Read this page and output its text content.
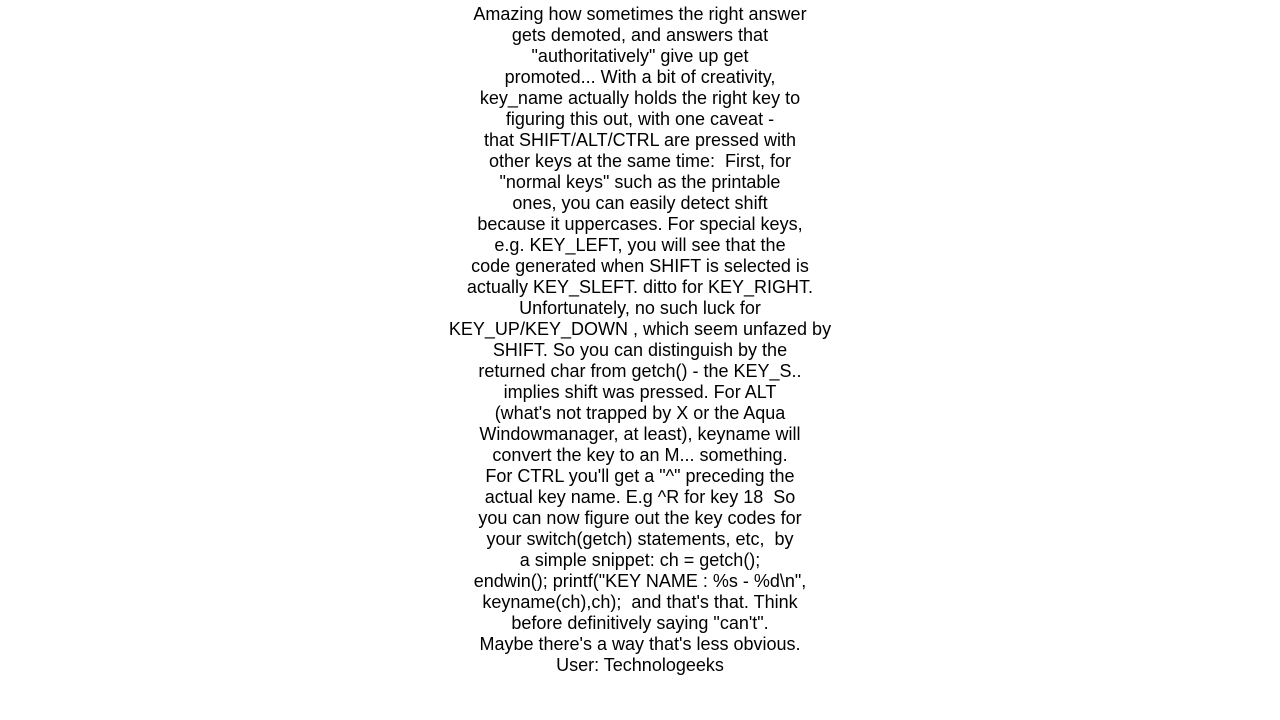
Amazing how sometimes the right answer
gets demoted, and answers that
"authoritatively" give up get
promoted... With a bit of creativity,
key_name actually holds the right key to
figuring this out, with one caveat -
that SHIFT/ALT/CTRL are pressed with
other keys at the same time:  First, for
"normal keys" such as the printable
ones, you can easily detect shift
because it uppercases. For special keys,
e.g. KEY_LEFT, you will see that the
code generated when SHIFT is selected is
actually KEY_SLEFT. ditto for KEY_RIGHT.
Unfortunately, no such luck for
KEY_UP/KEY_DOWN , which seem unfazed by
SHIFT. So you can distinguish by the
returned char from getch() - the KEY_S..
implies shift was pressed. For ALT
(what's not trapped by X or the Aqua
Windowmanager, at least), keyname will
convert the key to an M... something.
For CTRL you'll get a "^" preceding the
actual key name. E.g ^R for key 18  So
you can now figure out the key codes for
your switch(getch) statements, etc,  by
a simple snippet: ch = getch();
endwin(); printf("KEY NAME : %s - %d\n",
keyname(ch),ch);  and that's that. Think
before definitively saying "can't".
Maybe there's a way that's less obvious.
User: Technologeeks
